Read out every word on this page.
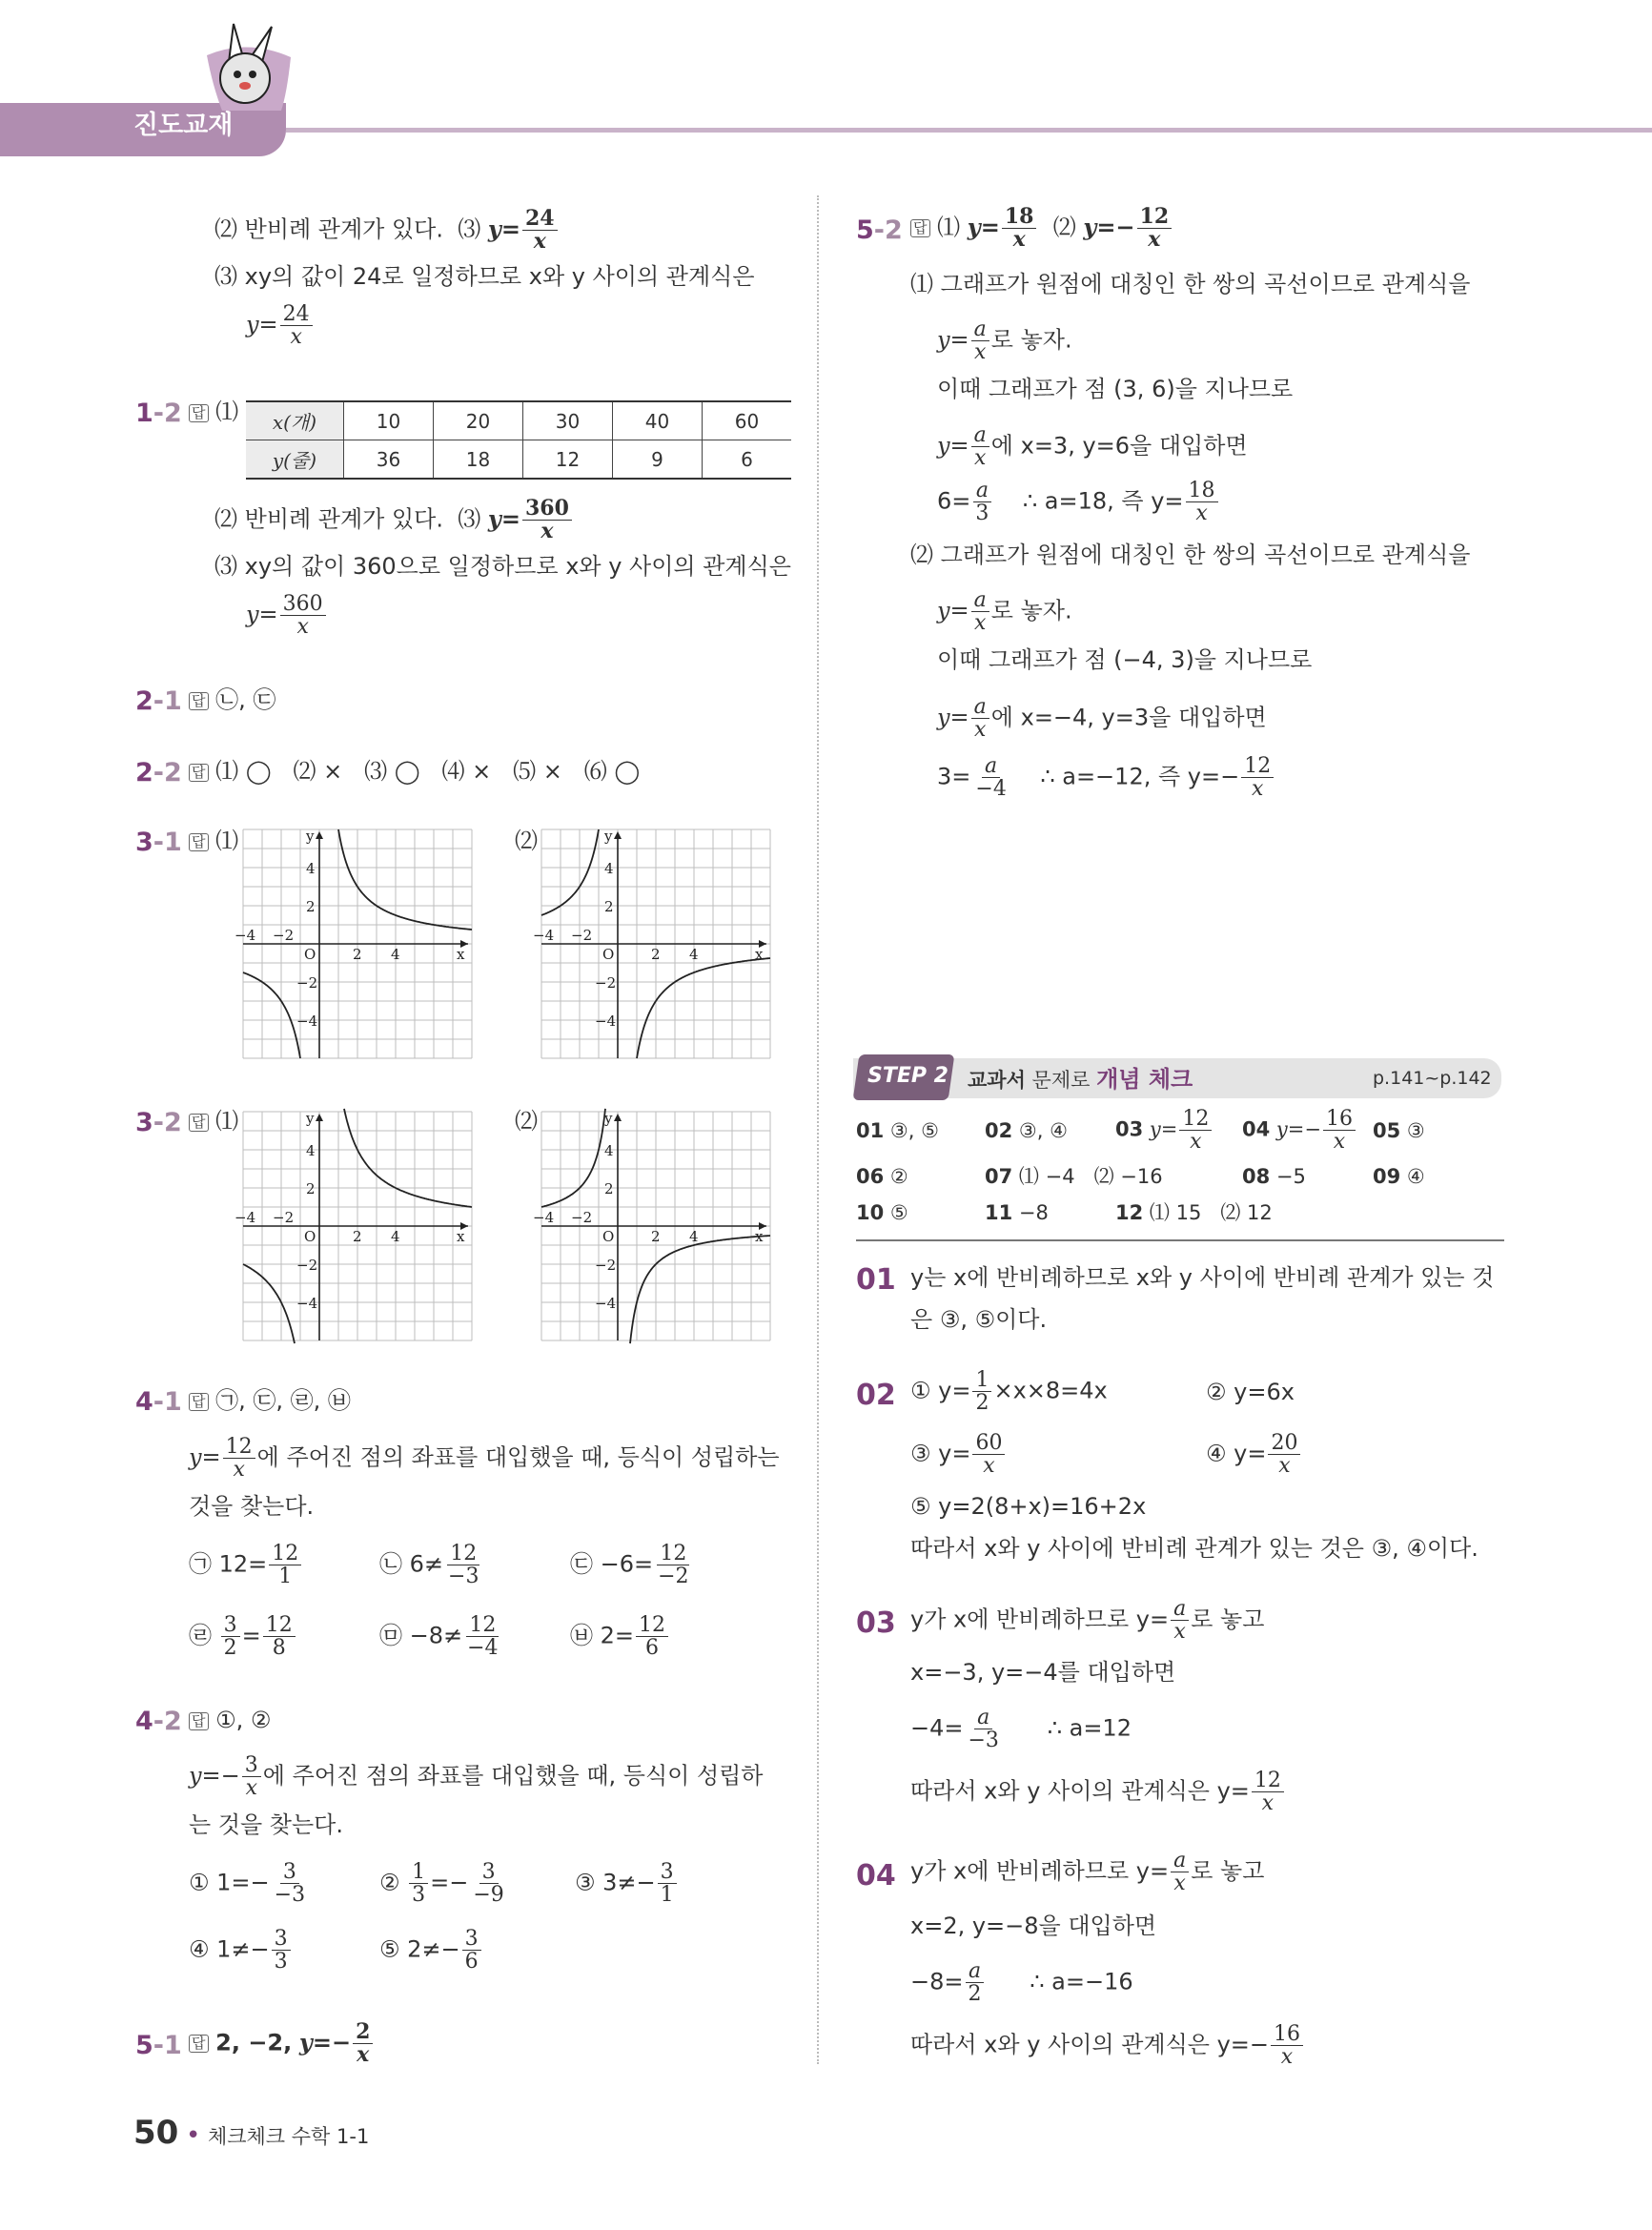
진도교재
⑵ 반비례 관계가 있다. ⑶ $y= \frac{24}{x}$
⑶ xy의 값이 24로 일정하므로 x와 y 사이의 관계식은
$y= \frac{24}{x}$
1-2 답 ⑴ x(개)	10	20	30	40	60
y(줄)	36	18	12	9	6
⑵ 반비례 관계가 있다. ⑶ $y= \frac{360}{x}$
⑶ xy의 값이 360으로 일정하므로 x와 y 사이의 관계식은
$y= \frac{360}{x}$
2-1 답 ㉡, ㉢
2-2 답 ⑴ ◯   ⑵ ×   ⑶ ◯   ⑷ ×   ⑸ ×   ⑹ ◯
3-1 답 ⑴	⑵
x
y
O	2 4
−2
−4
2
4
−2
−4
x
y
O	2 4
−2
−4
2
4
−2
−4
3-2 답 ⑴	⑵
x
y
O	2 4
−2
−4
2
4
−2
−4
x
y
O	2 4
−2
−4
2
4
−2
−4
4-1 답 ㉠, ㉢, ㉣, ㉥
$y= \frac{12}{x}$ 에 주어진 점의 좌표를 대입했을 때, 등식이 성립하는
것을 찾는다.
㉠ $12= \frac{12}{1}$	㉡ $6\ne \frac{12}{-3}$	㉢ $-6= \frac{12}{-2}$
㉣ $\frac{3}{2} = \frac{12}{8}$	㉤ $-8\ne \frac{12}{-4}$	㉥ $2= \frac{12}{6}$
4-2 답 ①, ②
$y=- \frac{3}{x}$ 에 주어진 점의 좌표를 대입했을 때, 등식이 성립하
는 것을 찾는다.
① $1=- \frac{3}{-3}$	② $\frac{1}{3} =- \frac{3}{-9}$	③ $3\ne- \frac{3}{1}$
④ $1\ne- \frac{3}{3}$	⑤ $2\ne- \frac{3}{6}$
5-1 답 2, −2, $y=- \frac{2}{x}$
5-2 답 ⑴ $y= \frac{18}{x}$ ⑵ $y=- \frac{12}{x}$
⑴ 그래프가 원점에 대칭인 한 쌍의 곡선이므로 관계식을
$y= \frac{a}{x}$ 로 놓자.
이때 그래프가 점 (3, 6)을 지나므로
$y= \frac{a}{x}$ 에 x=3, y=6을 대입하면
$6= \frac{a}{3}$ ∴ a=18, 즉 $y= \frac{18}{x}$
⑵ 그래프가 원점에 대칭인 한 쌍의 곡선이므로 관계식을
$y= \frac{a}{x}$ 로 놓자.
이때 그래프가 점 (−4, 3)을 지나므로
$y= \frac{a}{x}$ 에 x=−4, y=3을 대입하면
$3= \frac{a}{-4}$ ∴ a=−12, 즉 $y=- \frac{12}{x}$
STEP 2 교과서 문제로 개념 체크	p.141~p.142
01 ③, ⑤ 02 ③, ④ 03 $y= \frac{12}{x} 04$ $y=- \frac{16}{x} 05$ ③
06 ②	07 ⑴ −4   ⑵ −16	08 −5	09 ④
10 ⑤	11 −8	12 ⑴ 15   ⑵ 12
01 y는 x에 반비례하므로 x와 y 사이에 반비례 관계가 있는 것
은 ③, ⑤이다.
02 ① $y= \frac{1}{2} \times x\times 8=4x$	② y=6x
③ $y= \frac{60}{x}$	④ $y= \frac{20}{x}$
⑤ y=2(8+x)=16+2x
따라서 x와 y 사이에 반비례 관계가 있는 것은 ③, ④이다.
03 y가 x에 반비례하므로 $y= \frac{a}{x}$ 로 놓고
x=−3, y=−4를 대입하면
$-4= \frac{a}{-3}$ ∴ a=12
따라서 x와 y 사이의 관계식은 $y= \frac{12}{x}$
04 y가 x에 반비례하므로 $y= \frac{a}{x}$ 로 놓고
x=2, y=−8을 대입하면
$-8= \frac{a}{2}$ ∴ a=−16
따라서 x와 y 사이의 관계식은 $y=- \frac{16}{x}$
50 • 체크체크 수학 1-1
